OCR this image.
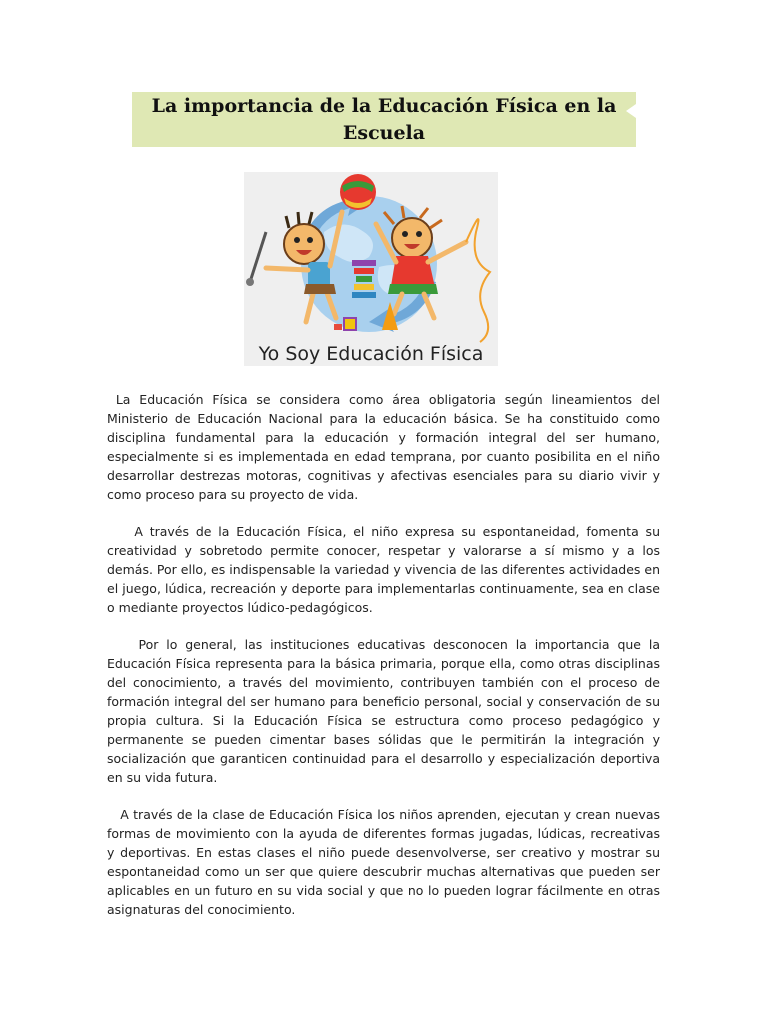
La importancia de la Educación Física en la Escuela
Yo Soy Educación Física

La Educación Física se considera como área obligatoria según lineamientos del Ministerio de Educación Nacional para la educación básica. Se ha constituido como disciplina fundamental para la educación y formación integral del ser humano, especialmente si es implementada en edad temprana, por cuanto posibilita en el niño desarrollar destrezas motoras, cognitivas y afectivas esenciales para su diario vivir y como proceso para su proyecto de vida.

A través de la Educación Física, el niño expresa su espontaneidad, fomenta su creatividad y sobretodo permite conocer, respetar y valorarse a sí mismo y a los demás. Por ello, es indispensable la variedad y vivencia de las diferentes actividades en el juego, lúdica, recreación y deporte para implementarlas continuamente, sea en clase o mediante proyectos lúdico-pedagógicos.

Por lo general, las instituciones educativas desconocen la importancia que la Educación Física representa para la básica primaria, porque ella, como otras disciplinas del conocimiento, a través del movimiento, contribuyen también con el proceso de formación integral del ser humano para beneficio personal, social y conservación de su propia cultura. Si la Educación Física se estructura como proceso pedagógico y permanente se pueden cimentar bases sólidas que le permitirán la integración y socialización que garanticen continuidad para el desarrollo y especialización deportiva en su vida futura.

A través de la clase de Educación Física los niños aprenden, ejecutan y crean nuevas formas de movimiento con la ayuda de diferentes formas jugadas, lúdicas, recreativas y deportivas. En estas clases el niño puede desenvolverse, ser creativo y mostrar su espontaneidad como un ser que quiere descubrir muchas alternativas que pueden ser aplicables en un futuro en su vida social y que no lo pueden lograr fácilmente en otras asignaturas del conocimiento.
